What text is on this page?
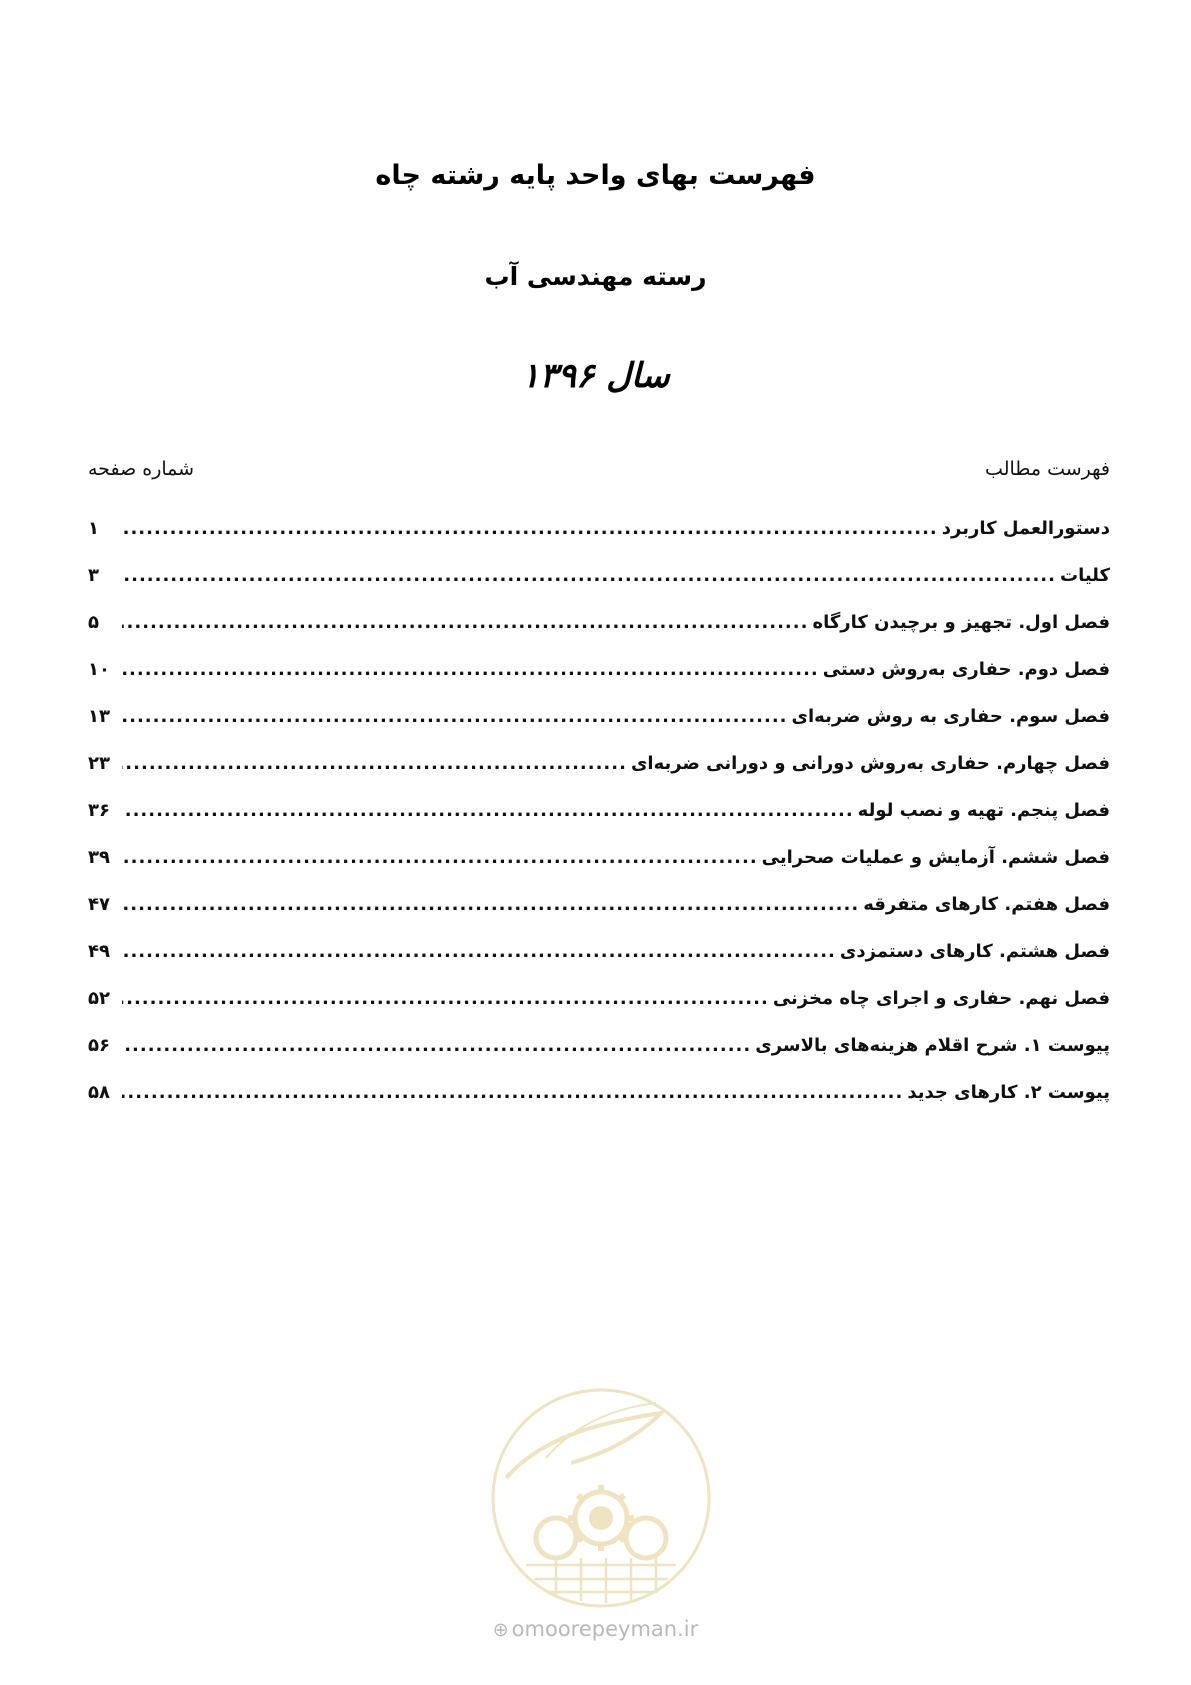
فهرست بهای واحد پایه رشته چاه
رسته مهندسی آب
سال ۱۳۹۶
فهرست مطالب
شماره صفحه
دستورالعمل کاربرد
.....
۱
کلیات
.....
۳
فصل اول. تجهیز و برچیدن کارگاه
.....
۵
فصل دوم. حفاری به‌روش دستی
.....
۱۰
فصل سوم. حفاری به روش ضربه‌ای
.....
۱۳
فصل چهارم. حفاری به‌روش دورانی و دورانی ضربه‌ای
.....
۲۳
فصل پنجم. تهیه و نصب لوله
.....
۳۶
فصل ششم. آزمایش و عملیات صحرایی
.....
۳۹
فصل هفتم. کارهای متفرقه
.....
۴۷
فصل هشتم. کارهای دستمزدی
.....
۴۹
فصل نهم. حفاری و اجرای چاه مخزنی
.....
۵۲
پیوست ۱. شرح اقلام هزینه‌های بالاسری
.....
۵۶
پیوست ۲. کارهای جدید
.....
۵۸
⊕ omoorepeyman.ir
